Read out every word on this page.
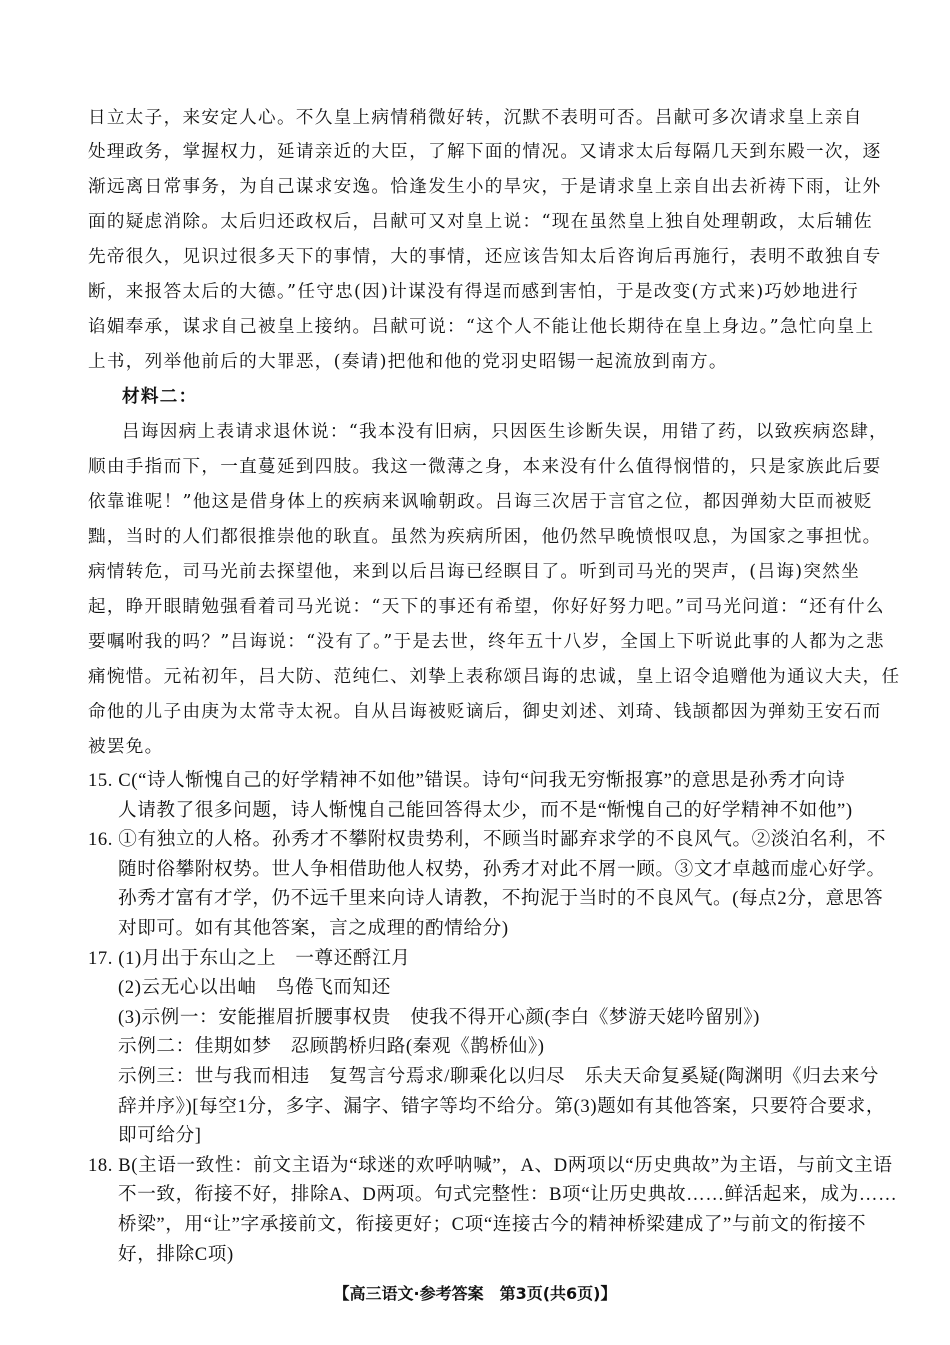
日立太子，来安定人心。不久皇上病情稍微好转，沉默不表明可否。吕献可多次请求皇上亲自
处理政务，掌握权力，延请亲近的大臣，了解下面的情况。又请求太后每隔几天到东殿一次，逐
渐远离日常事务，为自己谋求安逸。恰逢发生小的旱灾，于是请求皇上亲自出去祈祷下雨，让外
面的疑虑消除。太后归还政权后，吕献可又对皇上说：“现在虽然皇上独自处理朝政，太后辅佐
先帝很久，见识过很多天下的事情，大的事情，还应该告知太后咨询后再施行，表明不敢独自专
断，来报答太后的大德。”任守忠(因)计谋没有得逞而感到害怕，于是改变(方式来)巧妙地进行
谄媚奉承，谋求自己被皇上接纳。吕献可说：“这个人不能让他长期待在皇上身边。”急忙向皇上
上书，列举他前后的大罪恶，(奏请)把他和他的党羽史昭锡一起流放到南方。
材料二：
吕诲因病上表请求退休说：“我本没有旧病，只因医生诊断失误，用错了药，以致疾病恣肆，
顺由手指而下，一直蔓延到四肢。我这一微薄之身，本来没有什么值得悯惜的，只是家族此后要
依靠谁呢！”他这是借身体上的疾病来讽喻朝政。吕诲三次居于言官之位，都因弹劾大臣而被贬
黜，当时的人们都很推崇他的耿直。虽然为疾病所困，他仍然早晚愤恨叹息，为国家之事担忧。
病情转危，司马光前去探望他，来到以后吕诲已经瞑目了。听到司马光的哭声，(吕诲)突然坐
起，睁开眼睛勉强看着司马光说：“天下的事还有希望，你好好努力吧。”司马光问道：“还有什么
要嘱咐我的吗？”吕诲说：“没有了。”于是去世，终年五十八岁，全国上下听说此事的人都为之悲
痛惋惜。元祐初年，吕大防、范纯仁、刘挚上表称颂吕诲的忠诚，皇上诏令追赠他为通议大夫，任
命他的儿子由庚为太常寺太祝。自从吕诲被贬谪后，御史刘述、刘琦、钱颉都因为弹劾王安石而
被罢免。
15. C(“诗人惭愧自己的好学精神不如他”错误。诗句“问我无穷惭报寡”的意思是孙秀才向诗
人请教了很多问题，诗人惭愧自己能回答得太少，而不是“惭愧自己的好学精神不如他”)
16. ①有独立的人格。孙秀才不攀附权贵势利，不顾当时鄙弃求学的不良风气。②淡泊名利，不
随时俗攀附权势。世人争相借助他人权势，孙秀才对此不屑一顾。③文才卓越而虚心好学。
孙秀才富有才学，仍不远千里来向诗人请教，不拘泥于当时的不良风气。(每点2分，意思答
对即可。如有其他答案，言之成理的酌情给分)
17. (1)月出于东山之上　一尊还酹江月
(2)云无心以出岫　鸟倦飞而知还
(3)示例一：安能摧眉折腰事权贵　使我不得开心颜(李白《梦游天姥吟留别》)
示例二：佳期如梦　忍顾鹊桥归路(秦观《鹊桥仙》)
示例三：世与我而相违　复驾言兮焉求/聊乘化以归尽　乐夫天命复奚疑(陶渊明《归去来兮
辞并序》)[每空1分，多字、漏字、错字等均不给分。第(3)题如有其他答案，只要符合要求，
即可给分]
18. B(主语一致性：前文主语为“球迷的欢呼呐喊”，A、D两项以“历史典故”为主语，与前文主语
不一致，衔接不好，排除A、D两项。句式完整性：B项“让历史典故……鲜活起来，成为……
桥梁”，用“让”字承接前文，衔接更好；C项“连接古今的精神桥梁建成了”与前文的衔接不
好，排除C项)
【高三语文·参考答案　第3页(共6页)】
